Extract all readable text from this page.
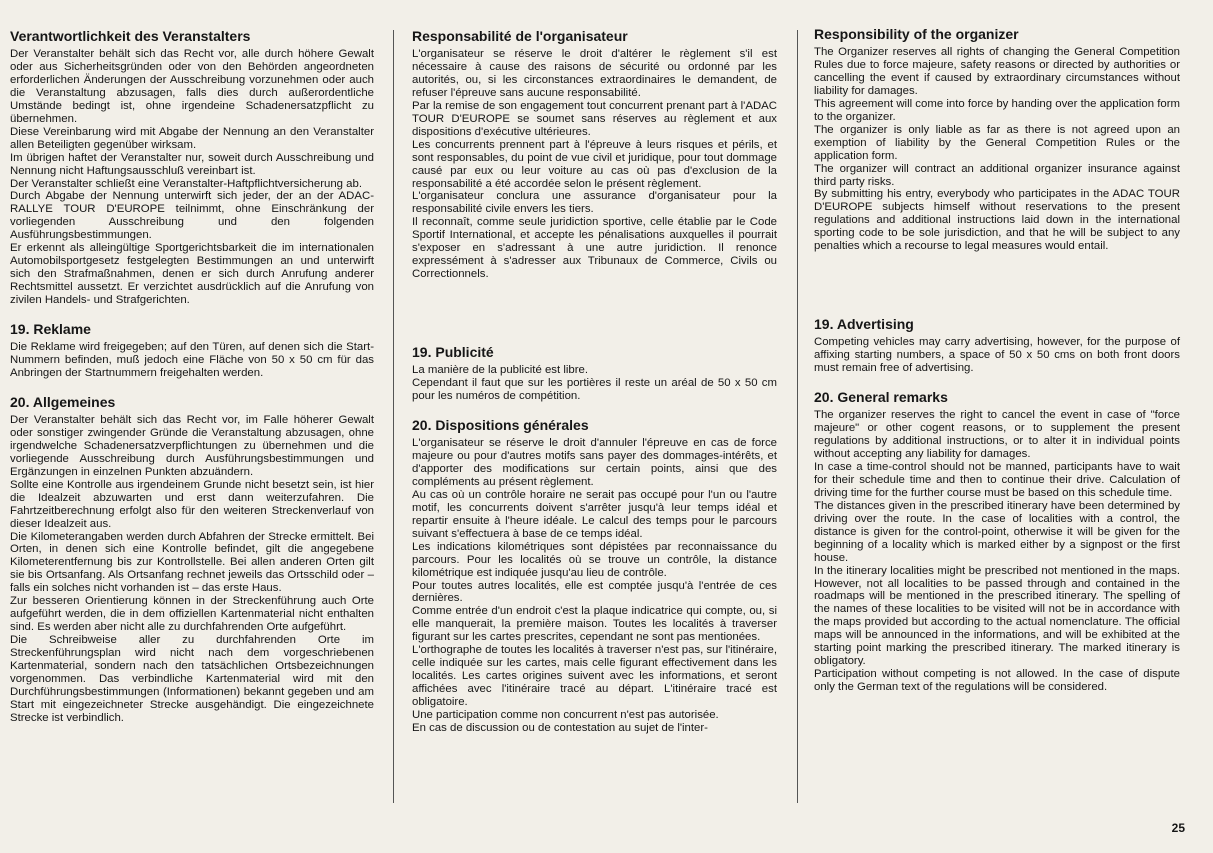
Verantwortlichkeit des Veranstalters

Der Veranstalter behält sich das Recht vor, alle durch höhere Gewalt oder aus Sicherheitsgründen oder von den Behörden angeordneten erforderlichen Änderungen der Ausschreibung vorzunehmen oder auch die Veranstaltung abzusagen, falls dies durch außerordentliche Umstände bedingt ist, ohne irgendeine Schadenersatzpflicht zu übernehmen.

Diese Vereinbarung wird mit Abgabe der Nennung an den Veranstalter allen Beteiligten gegenüber wirksam.

Im übrigen haftet der Veranstalter nur, soweit durch Ausschreibung und Nennung nicht Haftungsausschluß vereinbart ist.

Der Veranstalter schließt eine Veranstalter-Haftpflichtversicherung ab.

Durch Abgabe der Nennung unterwirft sich jeder, der an der ADAC-RALLYE TOUR D'EUROPE teilnimmt, ohne Einschränkung der vorliegenden Ausschreibung und den folgenden Ausführungsbestimmungen.

Er erkennt als alleingültige Sportgerichtsbarkeit die im internationalen Automobilsportgesetz festgelegten Bestimmungen an und unterwirft sich den Strafmaßnahmen, denen er sich durch Anrufung anderer Rechtsmittel aussetzt. Er verzichtet ausdrücklich auf die Anrufung von zivilen Handels- und Strafgerichten.

19. Reklame

Die Reklame wird freigegeben; auf den Türen, auf denen sich die Start-Nummern befinden, muß jedoch eine Fläche von 50 x 50 cm für das Anbringen der Startnummern freigehalten werden.

20. Allgemeines

Der Veranstalter behält sich das Recht vor, im Falle höherer Gewalt oder sonstiger zwingender Gründe die Veranstaltung abzusagen, ohne irgendwelche Schadenersatzverpflichtungen zu übernehmen und die vorliegende Ausschreibung durch Ausführungsbestimmungen und Ergänzungen in einzelnen Punkten abzuändern.

Sollte eine Kontrolle aus irgendeinem Grunde nicht besetzt sein, ist hier die Idealzeit abzuwarten und erst dann weiterzufahren. Die Fahrtzeitberechnung erfolgt also für den weiteren Streckenverlauf von dieser Idealzeit aus.

Die Kilometerangaben werden durch Abfahren der Strecke ermittelt. Bei Orten, in denen sich eine Kontrolle befindet, gilt die angegebene Kilometerentfernung bis zur Kontrollstelle. Bei allen anderen Orten gilt sie bis Ortsanfang. Als Ortsanfang rechnet jeweils das Ortsschild oder – falls ein solches nicht vorhanden ist – das erste Haus.

Zur besseren Orientierung können in der Streckenführung auch Orte aufgeführt werden, die in dem offiziellen Kartenmaterial nicht enthalten sind. Es werden aber nicht alle zu durchfahrenden Orte aufgeführt.

Die Schreibweise aller zu durchfahrenden Orte im Streckenführungsplan wird nicht nach dem vorgeschriebenen Kartenmaterial, sondern nach den tatsächlichen Ortsbezeichnungen vorgenommen. Das verbindliche Kartenmaterial wird mit den Durchführungsbestimmungen (Informationen) bekannt gegeben und am Start mit eingezeichneter Strecke ausgehändigt. Die eingezeichnete Strecke ist verbindlich.

Responsabilité de l'organisateur

L'organisateur se réserve le droit d'altérer le règlement s'il est nécessaire à cause des raisons de sécurité ou ordonné par les autorités, ou, si les circonstances extraordinaires le demandent, de refuser l'épreuve sans aucune responsabilité.

Par la remise de son engagement tout concurrent prenant part à l'ADAC TOUR D'EUROPE se soumet sans réserves au règlement et aux dispositions d'exécutive ultérieures.

Les concurrents prennent part à l'épreuve à leurs risques et périls, et sont responsables, du point de vue civil et juridique, pour tout dommage causé par eux ou leur voiture au cas où pas d'exclusion de la responsabilité a été accordée selon le présent règlement.

L'organisateur conclura une assurance d'organisateur pour la responsabilité civile envers les tiers.

Il reconnaît, comme seule juridiction sportive, celle établie par le Code Sportif International, et accepte les pénalisations auxquelles il pourrait s'exposer en s'adressant à une autre juridiction. Il renonce expressément à s'adresser aux Tribunaux de Commerce, Civils ou Correctionnels.

19. Publicité

La manière de la publicité est libre.

Cependant il faut que sur les portières il reste un aréal de 50 x 50 cm pour les numéros de compétition.

20. Dispositions générales

L'organisateur se réserve le droit d'annuler l'épreuve en cas de force majeure ou pour d'autres motifs sans payer des dommages-intérêts, et d'apporter des modifications sur certain points, ainsi que des compléments au présent règlement.

Au cas où un contrôle horaire ne serait pas occupé pour l'un ou l'autre motif, les concurrents doivent s'arrêter jusqu'à leur temps idéal et repartir ensuite à l'heure idéale. Le calcul des temps pour le parcours suivant s'effectuera à base de ce temps idéal.

Les indications kilométriques sont dépistées par reconnaissance du parcours. Pour les localités où se trouve un contrôle, la distance kilométrique est indiquée jusqu'au lieu de contrôle.

Pour toutes autres localités, elle est comptée jusqu'à l'entrée de ces dernières.

Comme entrée d'un endroit c'est la plaque indicatrice qui compte, ou, si elle manquerait, la première maison. Toutes les localités à traverser figurant sur les cartes prescrites, cependant ne sont pas mentionées.

L'orthographe de toutes les localités à traverser n'est pas, sur l'itinéraire, celle indiquée sur les cartes, mais celle figurant effectivement dans les localités. Les cartes origines suivent avec les informations, et seront affichées avec l'itinéraire tracé au départ. L'itinéraire tracé est obligatoire.

Une participation comme non concurrent n'est pas autorisée.

En cas de discussion ou de contestation au sujet de l'inter-

Responsibility of the organizer

The Organizer reserves all rights of changing the General Competition Rules due to force majeure, safety reasons or directed by authorities or cancelling the event if caused by extraordinary circumstances without liability for damages.

This agreement will come into force by handing over the application form to the organizer.

The organizer is only liable as far as there is not agreed upon an exemption of liability by the General Competition Rules or the application form.

The organizer will contract an additional organizer insurance against third party risks.

By submitting his entry, everybody who participates in the ADAC TOUR D'EUROPE subjects himself without reservations to the present regulations and additional instructions laid down in the international sporting code to be sole jurisdiction, and that he will be subject to any penalties which a recourse to legal measures would entail.

19. Advertising

Competing vehicles may carry advertising, however, for the purpose of affixing starting numbers, a space of 50 x 50 cms on both front doors must remain free of advertising.

20. General remarks

The organizer reserves the right to cancel the event in case of "force majeure" or other cogent reasons, or to supplement the present regulations by additional instructions, or to alter it in individual points without accepting any liability for damages.

In case a time-control should not be manned, participants have to wait for their schedule time and then to continue their drive. Calculation of driving time for the further course must be based on this schedule time.

The distances given in the prescribed itinerary have been determined by driving over the route. In the case of localities with a control, the distance is given for the control-point, otherwise it will be given for the beginning of a locality which is marked either by a signpost or the first house.

In the itinerary localities might be prescribed not mentioned in the maps. However, not all localities to be passed through and contained in the roadmaps will be mentioned in the prescribed itinerary. The spelling of the names of these localities to be visited will not be in accordance with the maps provided but according to the actual nomenclature. The official maps will be announced in the informations, and will be exhibited at the starting point marking the prescribed itinerary. The marked itinerary is obligatory.

Participation without competing is not allowed. In the case of dispute only the German text of the regulations will be considered.

25
